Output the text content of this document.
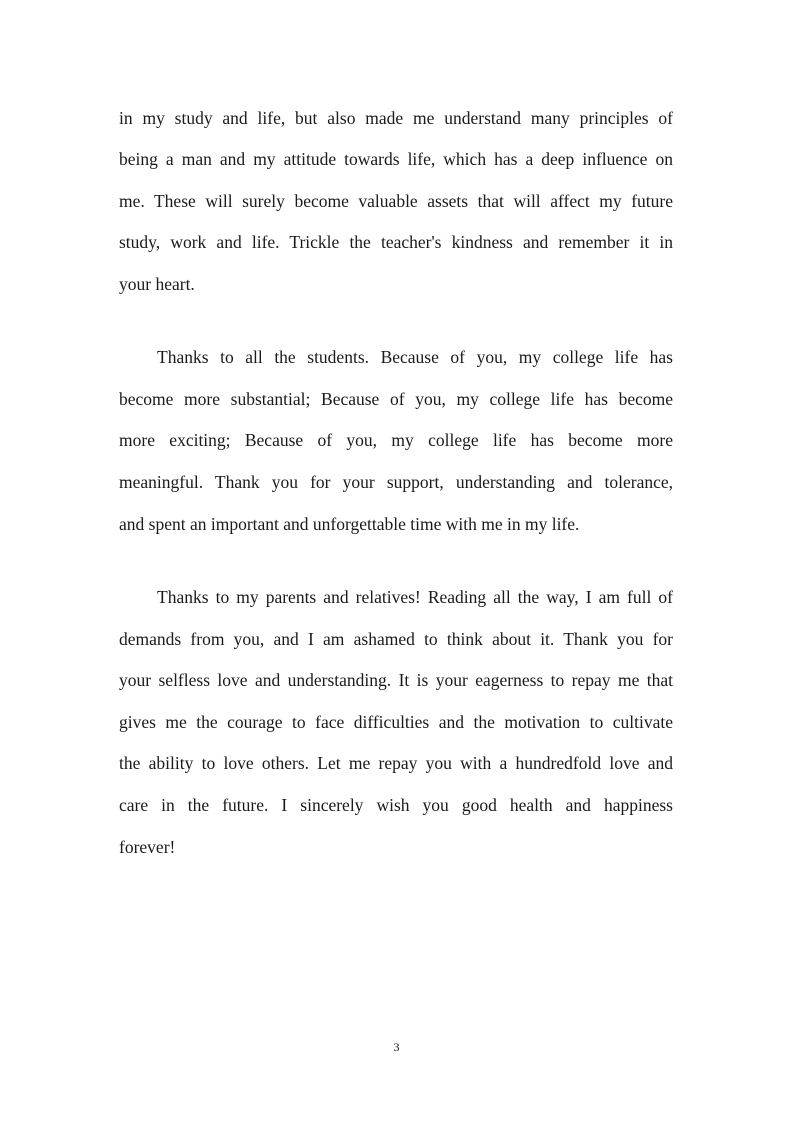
in my study and life, but also made me understand many principles of
being a man and my attitude towards life, which has a deep influence on
me. These will surely become valuable assets that will affect my future
study, work and life. Trickle the teacher's kindness and remember it in
your heart.
Thanks to all the students. Because of you, my college life has
become more substantial; Because of you, my college life has become
more exciting; Because of you, my college life has become more
meaningful. Thank you for your support, understanding and tolerance,
and spent an important and unforgettable time with me in my life.
Thanks to my parents and relatives! Reading all the way, I am full of
demands from you, and I am ashamed to think about it. Thank you for
your selfless love and understanding. It is your eagerness to repay me that
gives me the courage to face difficulties and the motivation to cultivate
the ability to love others. Let me repay you with a hundredfold love and
care in the future. I sincerely wish you good health and happiness
forever!
3
